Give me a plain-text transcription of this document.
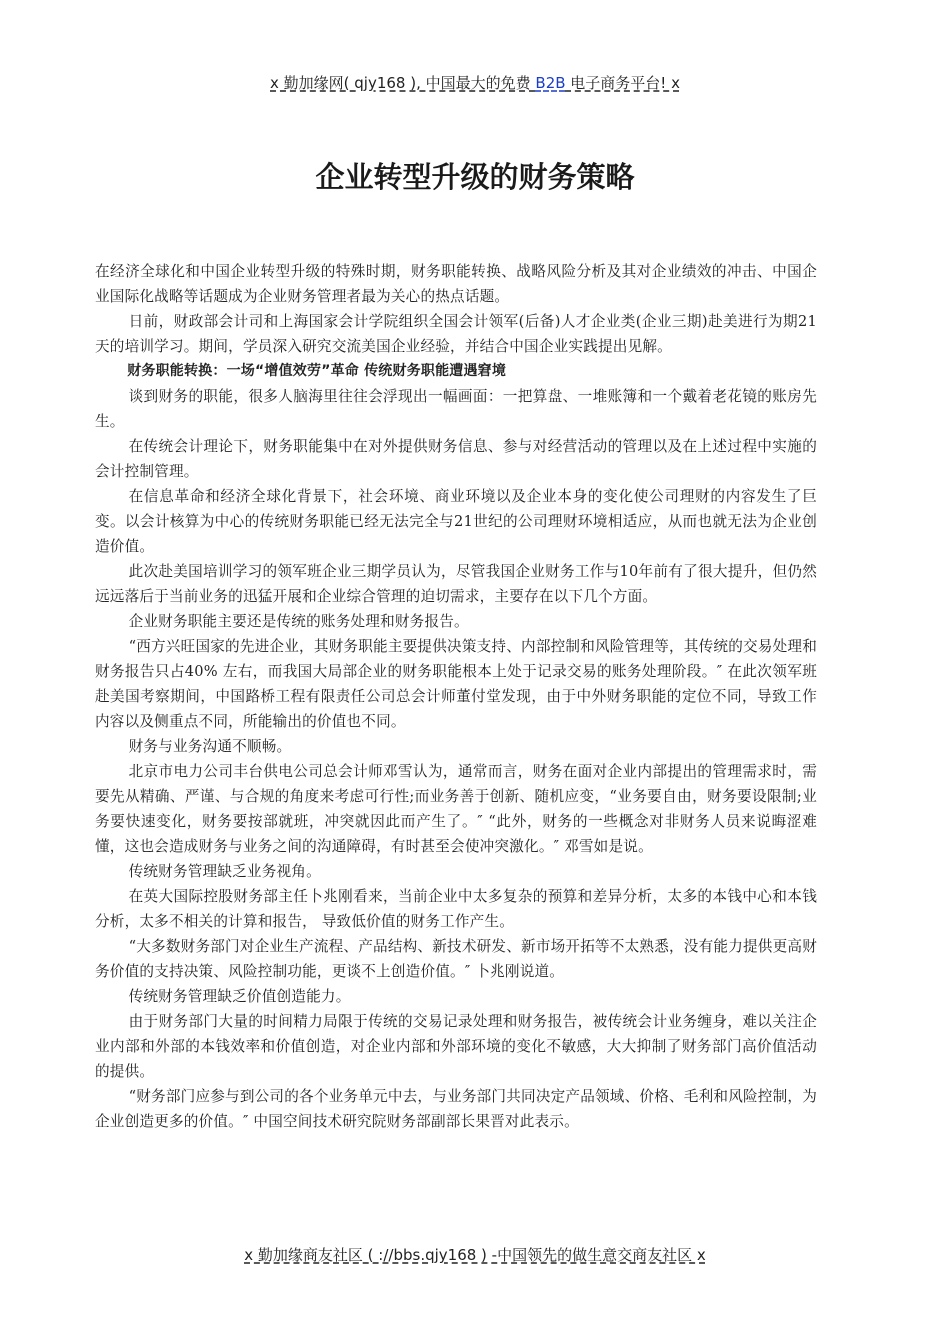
x 勤加缘网( qjy168 ), 中国最大的免费 B2B 电子商务平台! x
企业转型升级的财务策略

在经济全球化和中国企业转型升级的特殊时期，财务职能转换、战略风险分析及其对企业绩效的冲击、中国企业国际化战略等话题成为企业财务管理者最为关心的热点话题。

日前，财政部会计司和上海国家会计学院组织全国会计领军(后备)人才企业类(企业三期)赴美进行为期21天的培训学习。期间，学员深入研究交流美国企业经验，并结合中国企业实践提出见解。

财务职能转换：一场“增值效劳”革命 传统财务职能遭遇窘境

谈到财务的职能，很多人脑海里往往会浮现出一幅画面：一把算盘、一堆账簿和一个戴着老花镜的账房先生。

在传统会计理论下，财务职能集中在对外提供财务信息、参与对经营活动的管理以及在上述过程中实施的会计控制管理。

在信息革命和经济全球化背景下，社会环境、商业环境以及企业本身的变化使公司理财的内容发生了巨变。以会计核算为中心的传统财务职能已经无法完全与21世纪的公司理财环境相适应，从而也就无法为企业创造价值。

此次赴美国培训学习的领军班企业三期学员认为，尽管我国企业财务工作与10年前有了很大提升，但仍然远远落后于当前业务的迅猛开展和企业综合管理的迫切需求，主要存在以下几个方面。

企业财务职能主要还是传统的账务处理和财务报告。

“西方兴旺国家的先进企业，其财务职能主要提供决策支持、内部控制和风险管理等，其传统的交易处理和财务报告只占40% 左右，而我国大局部企业的财务职能根本上处于记录交易的账务处理阶段。″ 在此次领军班赴美国考察期间，中国路桥工程有限责任公司总会计师董付堂发现，由于中外财务职能的定位不同，导致工作内容以及侧重点不同，所能输出的价值也不同。

财务与业务沟通不顺畅。

北京市电力公司丰台供电公司总会计师邓雪认为，通常而言，财务在面对企业内部提出的管理需求时，需要先从精确、严谨、与合规的角度来考虑可行性;而业务善于创新、随机应变，“业务要自由，财务要设限制;业务要快速变化，财务要按部就班，冲突就因此而产生了。″ “此外，财务的一些概念对非财务人员来说晦涩难懂，这也会造成财务与业务之间的沟通障碍，有时甚至会使冲突激化。″ 邓雪如是说。

传统财务管理缺乏业务视角。

在英大国际控股财务部主任卜兆刚看来，当前企业中太多复杂的预算和差异分析，太多的本钱中心和本钱分析，太多不相关的计算和报告， 导致低价值的财务工作产生。

“大多数财务部门对企业生产流程、产品结构、新技术研发、新市场开拓等不太熟悉，没有能力提供更高财务价值的支持决策、风险控制功能，更谈不上创造价值。″ 卜兆刚说道。

传统财务管理缺乏价值创造能力。

由于财务部门大量的时间精力局限于传统的交易记录处理和财务报告，被传统会计业务缠身，难以关注企业内部和外部的本钱效率和价值创造，对企业内部和外部环境的变化不敏感，大大抑制了财务部门高价值活动的提供。

“财务部门应参与到公司的各个业务单元中去，与业务部门共同决定产品领域、价格、毛利和风险控制，为企业创造更多的价值。″ 中国空间技术研究院财务部副部长果晋对此表示。

x 勤加缘商友社区 ( ://bbs.qjy168 ) -中国领先的做生意交商友社区 x
